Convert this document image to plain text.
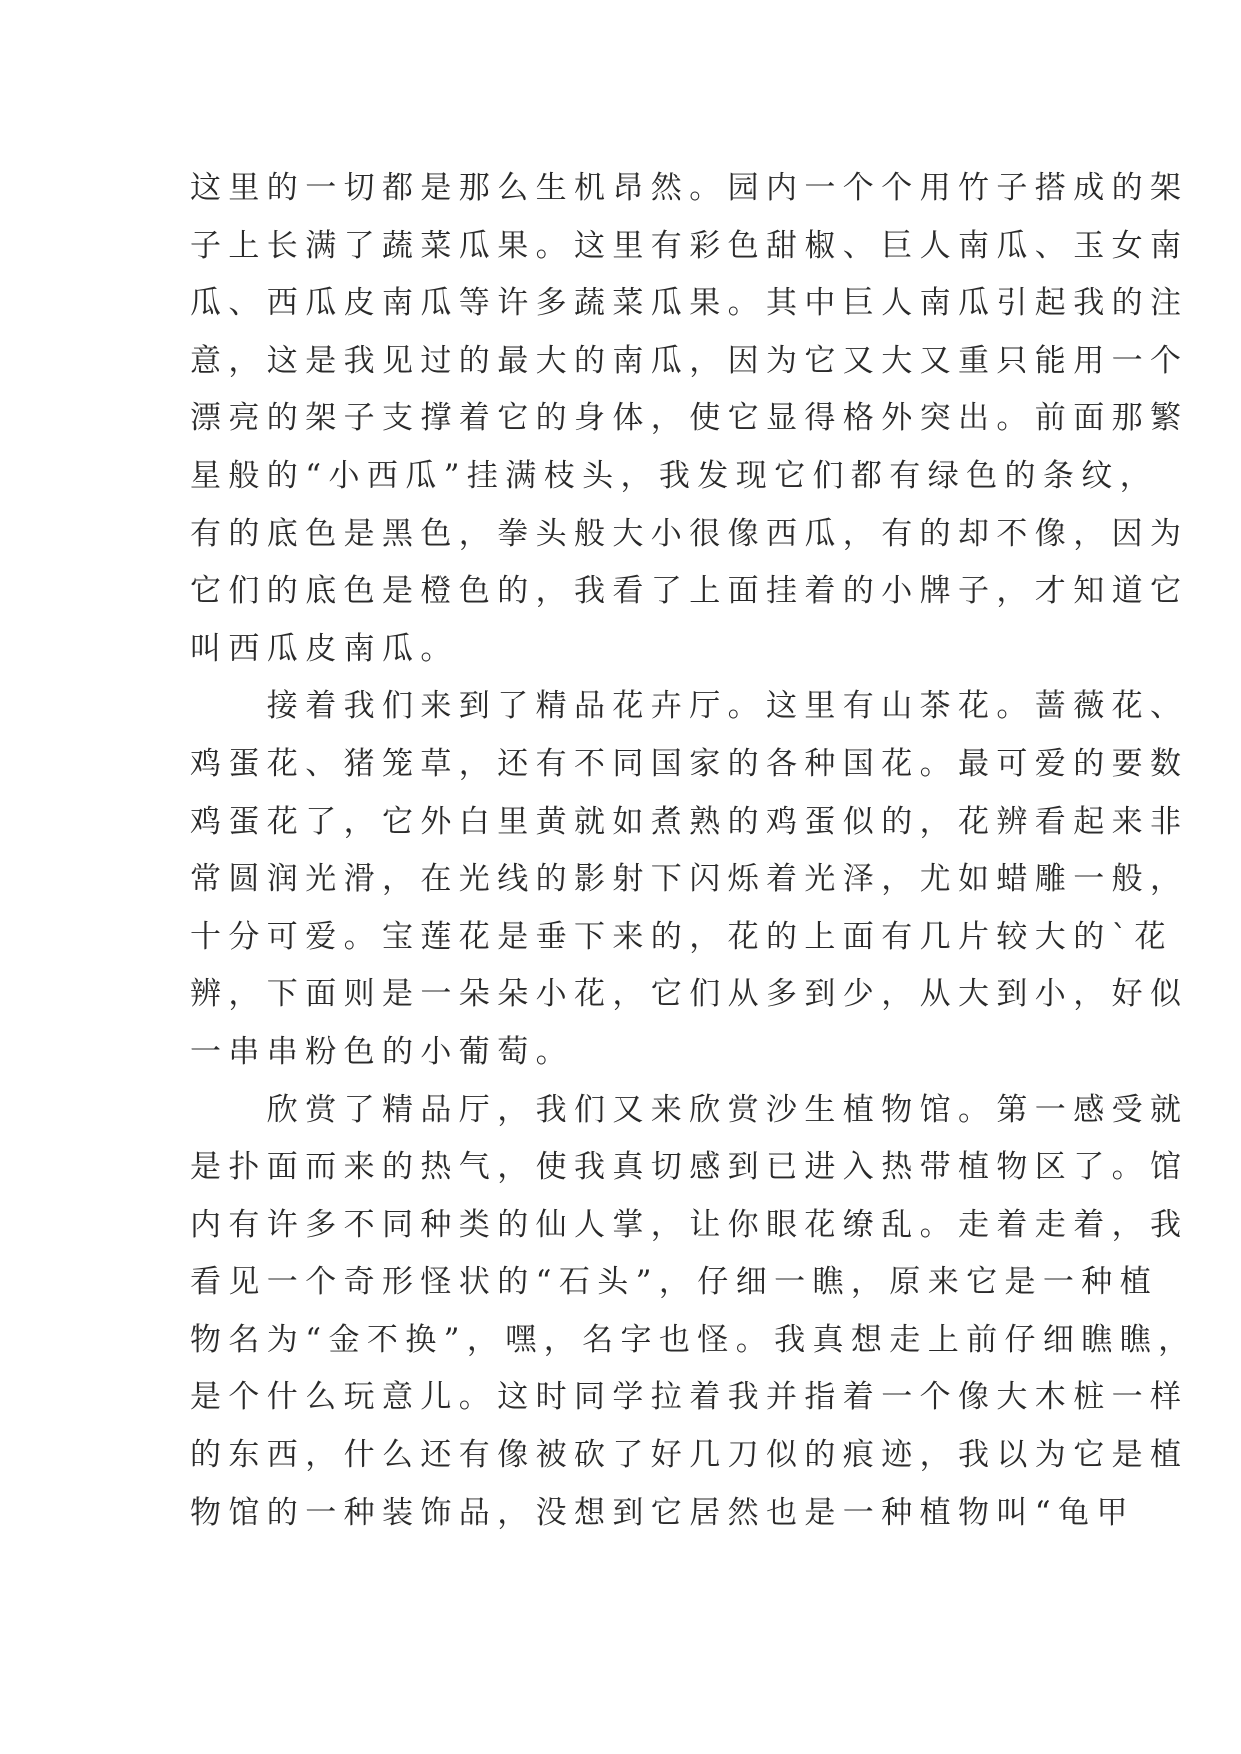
这里的一切都是那么生机昂然。园内一个个用竹子搭成的架
子上长满了蔬菜瓜果。这里有彩色甜椒、巨人南瓜、玉女南
瓜、西瓜皮南瓜等许多蔬菜瓜果。其中巨人南瓜引起我的注
意，这是我见过的最大的南瓜，因为它又大又重只能用一个
漂亮的架子支撑着它的身体，使它显得格外突出。前面那繁
星般的“小西瓜”挂满枝头，我发现它们都有绿色的条纹，
有的底色是黑色，拳头般大小很像西瓜，有的却不像，因为
它们的底色是橙色的，我看了上面挂着的小牌子，才知道它
叫西瓜皮南瓜。
　　接着我们来到了精品花卉厅。这里有山茶花。蔷薇花、
鸡蛋花、猪笼草，还有不同国家的各种国花。最可爱的要数
鸡蛋花了，它外白里黄就如煮熟的鸡蛋似的，花辨看起来非
常圆润光滑，在光线的影射下闪烁着光泽，尤如蜡雕一般，
十分可爱。宝莲花是垂下来的，花的上面有几片较大的`花
辨，下面则是一朵朵小花，它们从多到少，从大到小，好似
一串串粉色的小葡萄。
　　欣赏了精品厅，我们又来欣赏沙生植物馆。第一感受就
是扑面而来的热气，使我真切感到已进入热带植物区了。馆
内有许多不同种类的仙人掌，让你眼花缭乱。走着走着，我
看见一个奇形怪状的“石头”，仔细一瞧，原来它是一种植
物名为“金不换”，嘿，名字也怪。我真想走上前仔细瞧瞧，
是个什么玩意儿。这时同学拉着我并指着一个像大木桩一样
的东西，什么还有像被砍了好几刀似的痕迹，我以为它是植
物馆的一种装饰品，没想到它居然也是一种植物叫“龟甲
